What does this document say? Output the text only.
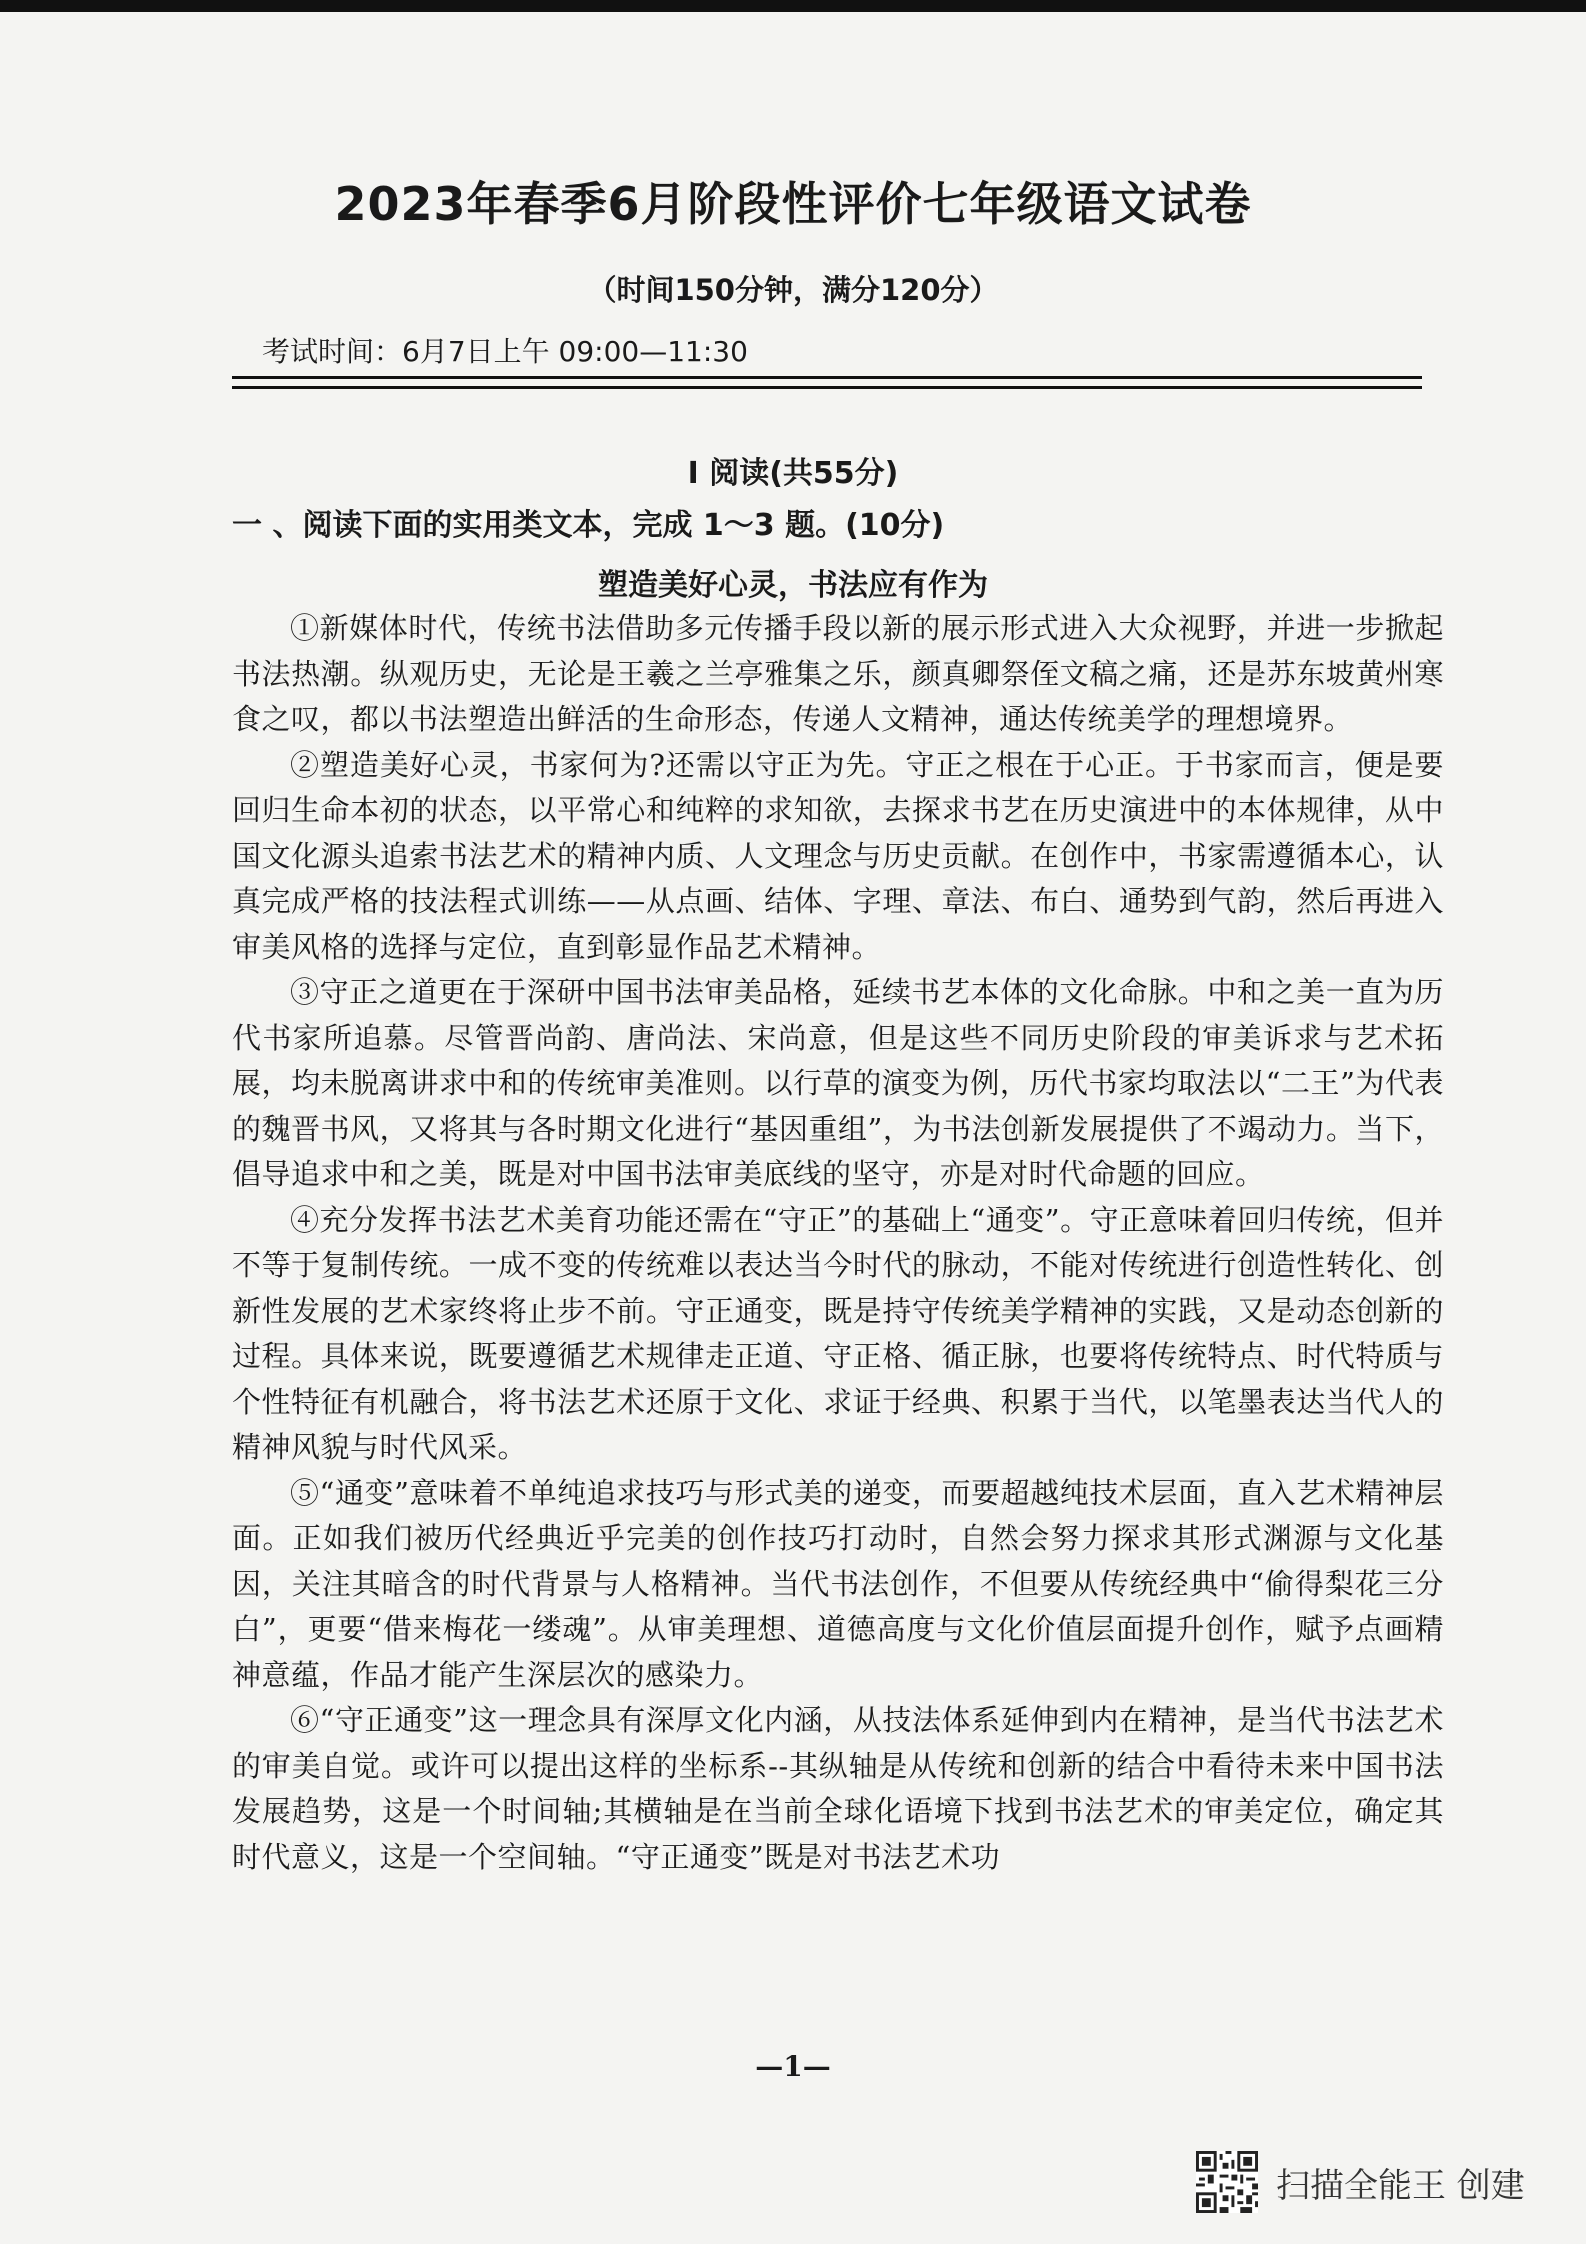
2023年春季6月阶段性评价七年级语文试卷
（时间150分钟，满分120分）
考试时间：6月7日上午 09:00—11:30
I 阅读(共55分)
一 、阅读下面的实用类文本，完成 1～3 题。(10分)
塑造美好心灵，书法应有作为

①新媒体时代，传统书法借助多元传播手段以新的展示形式进入大众视野，并进一步掀起书法热潮。纵观历史，无论是王羲之兰亭雅集之乐，颜真卿祭侄文稿之痛，还是苏东坡黄州寒食之叹，都以书法塑造出鲜活的生命形态，传递人文精神，通达传统美学的理想境界。

②塑造美好心灵，书家何为?还需以守正为先。守正之根在于心正。于书家而言，便是要回归生命本初的状态，以平常心和纯粹的求知欲，去探求书艺在历史演进中的本体规律，从中国文化源头追索书法艺术的精神内质、人文理念与历史贡献。在创作中，书家需遵循本心，认真完成严格的技法程式训练——从点画、结体、字理、章法、布白、通势到气韵，然后再进入审美风格的选择与定位，直到彰显作品艺术精神。

③守正之道更在于深研中国书法审美品格，延续书艺本体的文化命脉。中和之美一直为历代书家所追慕。尽管晋尚韵、唐尚法、宋尚意，但是这些不同历史阶段的审美诉求与艺术拓展，均未脱离讲求中和的传统审美准则。以行草的演变为例，历代书家均取法以“二王”为代表的魏晋书风，又将其与各时期文化进行“基因重组”，为书法创新发展提供了不竭动力。当下，倡导追求中和之美，既是对中国书法审美底线的坚守，亦是对时代命题的回应。

④充分发挥书法艺术美育功能还需在“守正”的基础上“通变”。守正意味着回归传统，但并不等于复制传统。一成不变的传统难以表达当今时代的脉动，不能对传统进行创造性转化、创新性发展的艺术家终将止步不前。守正通变，既是持守传统美学精神的实践，又是动态创新的过程。具体来说，既要遵循艺术规律走正道、守正格、循正脉，也要将传统特点、时代特质与个性特征有机融合，将书法艺术还原于文化、求证于经典、积累于当代，以笔墨表达当代人的精神风貌与时代风采。

⑤“通变”意味着不单纯追求技巧与形式美的递变，而要超越纯技术层面，直入艺术精神层面。正如我们被历代经典近乎完美的创作技巧打动时，自然会努力探求其形式渊源与文化基因，关注其暗含的时代背景与人格精神。当代书法创作，不但要从传统经典中“偷得梨花三分白”，更要“借来梅花一缕魂”。从审美理想、道德高度与文化价值层面提升创作，赋予点画精神意蕴，作品才能产生深层次的感染力。

⑥“守正通变”这一理念具有深厚文化内涵，从技法体系延伸到内在精神，是当代书法艺术的审美自觉。或许可以提出这样的坐标系--其纵轴是从传统和创新的结合中看待未来中国书法发展趋势，这是一个时间轴;其横轴是在当前全球化语境下找到书法艺术的审美定位，确定其时代意义，这是一个空间轴。“守正通变”既是对书法艺术功

—1—
扫描全能王 创建
